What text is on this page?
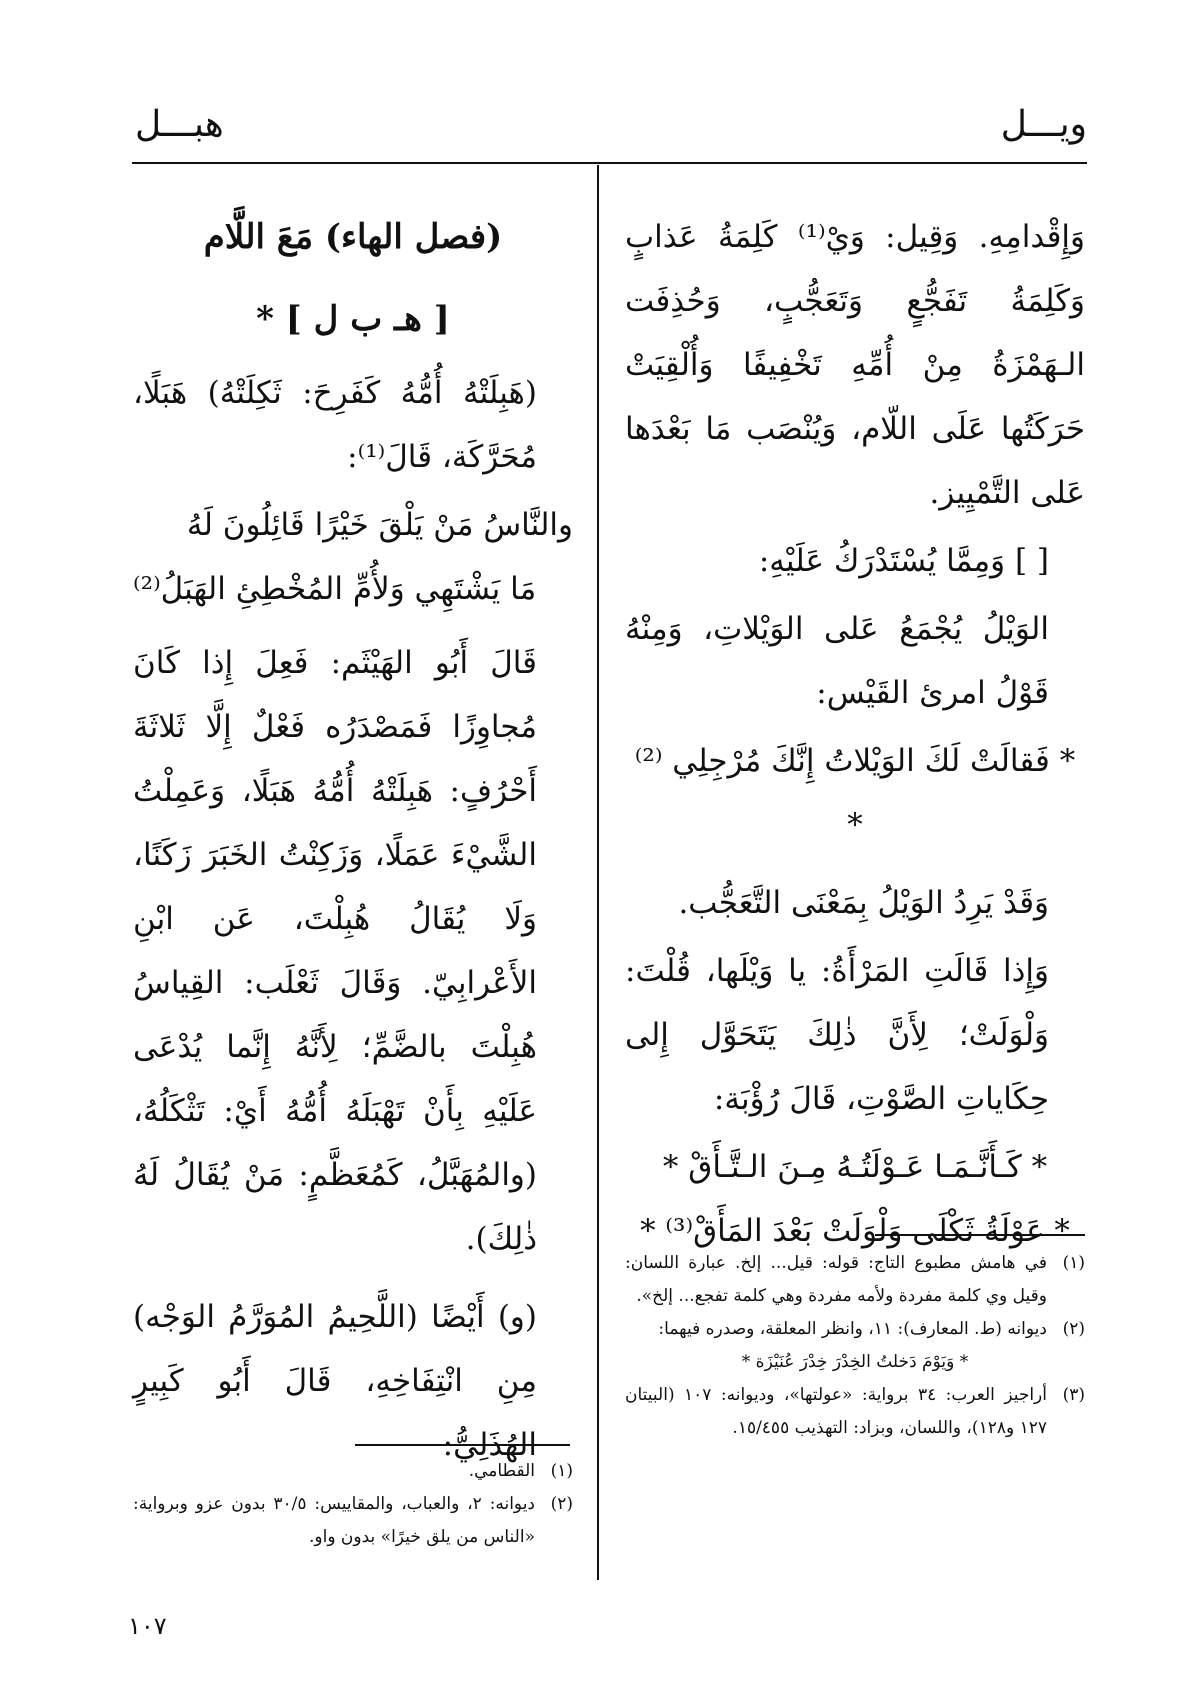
ويـــل
هبـــل

وَإِقْدامِهِ. وَقِيل: وَيْ⁽¹⁾ كَلِمَةُ عَذابٍ وَكَلِمَةُ تَفَجُّعٍ وَتَعَجُّبٍ، وَحُذِفَت الـهَمْزَةُ مِنْ أُمِّهِ تَخْفِيفًا وَأُلْقِيَتْ حَرَكَتُها عَلَى اللّام، وَيُنْصَب مَا بَعْدَها عَلى التَّمْيِيز.

[ ] وَمِمَّا يُسْتَدْرَكُ عَلَيْهِ:

الوَيْلُ يُجْمَعُ عَلى الوَيْلاتِ، وَمِنْهُ قَوْلُ امرئ القَيْس:

* فَقالَتْ لَكَ الوَيْلاتُ إِنَّكَ مُرْجِلِي ⁽²⁾ *

وَقَدْ يَرِدُ الوَيْلُ بِمَعْنَى التَّعَجُّب.

وَإِذا قَالَتِ المَرْأَةُ: يا وَيْلَها، قُلْتَ: وَلْوَلَتْ؛ لِأَنَّ ذٰلِكَ يَتَحَوَّل إِلى حِكَاياتِ الصَّوْتِ، قَالَ رُؤْبَة:

* كَـأَنَّـمَـا عَـوْلَتُـهُ مِـنَ الـتَّـأَقْ *

* عَوْلَةُ ثَكْلَى وَلْوَلَتْ بَعْدَ المَأَقْ⁽³⁾ *

(فصل الهاء) مَعَ اللَّام

[ هـ ب ل ] *

(هَبِلَتْهُ أُمُّهُ كَفَرِحَ: ثَكِلَتْهُ) هَبَلًا، مُحَرَّكَة، قَالَ⁽¹⁾:

والنَّاسُ مَنْ يَلْقَ خَيْرًا قَائِلُونَ لَهُ

مَا يَشْتَهِي وَلأُمِّ المُخْطِئِ الهَبَلُ⁽²⁾

قَالَ أَبُو الهَيْثَم: فَعِلَ إِذا كَانَ مُجاوِزًا فَمَصْدَرُه فَعْلٌ إِلَّا ثَلاثَةَ أَحْرُفٍ: هَبِلَتْهُ أُمُّهُ هَبَلًا، وَعَمِلْتُ الشَّيْءَ عَمَلًا، وَزَكِنْتُ الخَبَرَ زَكَنًا، وَلَا يُقَالُ هُبِلْتَ، عَن ابْنِ الأَعْرابِيّ. وَقَالَ ثَعْلَب: القِياسُ هُبِلْتَ بالضَّمِّ؛ لِأَنَّهُ إِنَّما يُدْعَى عَلَيْهِ بِأَنْ تَهْبَلَهُ أُمُّهُ أَيْ: تَثْكَلُهُ، (والمُهَبَّلُ، كَمُعَظَّمٍ: مَنْ يُقَالُ لَهُ ذٰلِكَ).

(و) أَيْضًا (اللَّحِيمُ المُوَرَّمُ الوَجْه) مِنِ انْتِفَاخِهِ، قَالَ أَبُو كَبِيرٍ الهُذَلِيُّ:

(١)
في هامش مطبوع التاج: قوله: قيل... إلخ. عبارة اللسان: وقيل وي كلمة مفردة ولأمه مفردة وهي كلمة تفجع... إلخ».
(٢)
ديوانه (ط. المعارف): ١١، وانظر المعلقة، وصدره فيهما:

* وَيَوْمَ دَخلتُ الخِدْرَ خِدْرَ عُنَيْزَة *

(٣)
أراجيز العرب: ٣٤ برواية: «عولتها»، وديوانه: ١٠٧ (البيتان ١٢٧ و١٢٨)، واللسان، وبزاد: التهذيب ١٥/٤٥٥.
(١)
القطامي.
(٢)
ديوانه: ٢، والعباب، والمقاييس: ٣٠/٥ بدون عزو وبرواية: «الناس من يلق خيرًا» بدون واو.
١٠٧
